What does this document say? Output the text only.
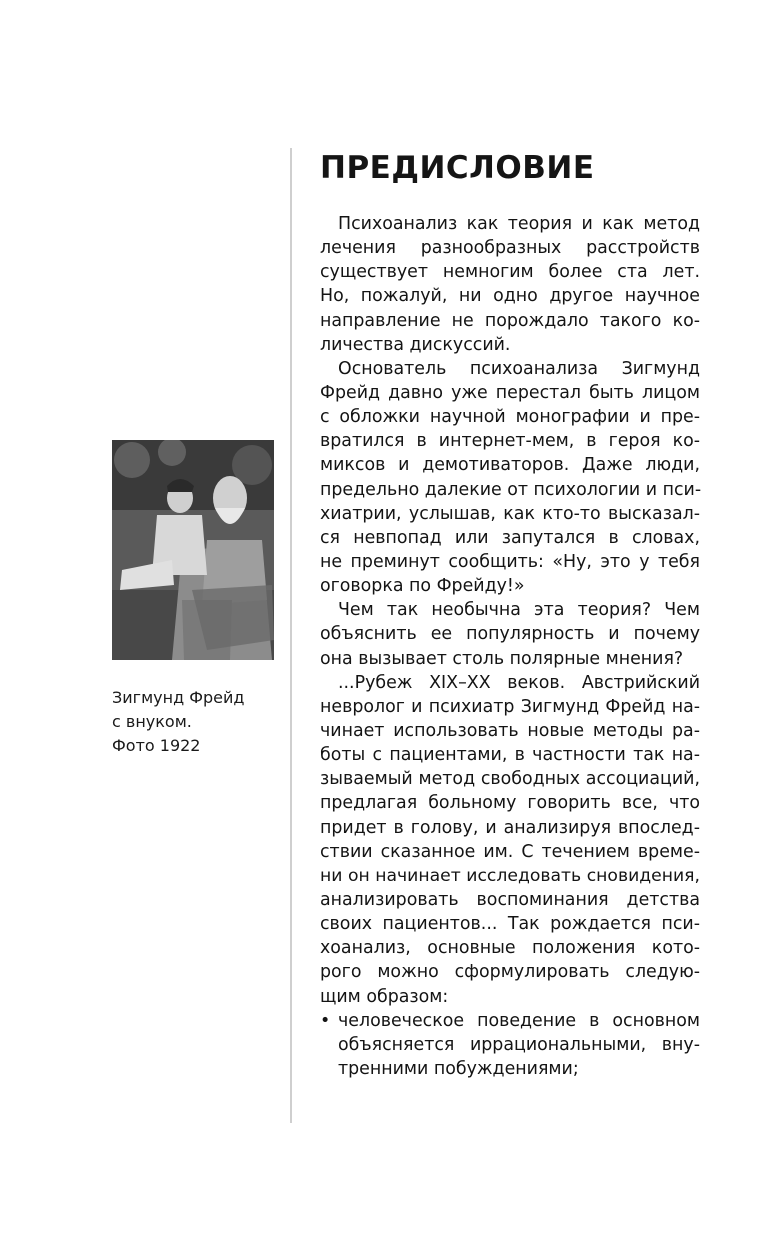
Зигмунд Фрейд
с внуком.
Фото 1922
ПРЕДИСЛОВИЕ
Психоанализ как теория и как метод
лечения разнообразных расстройств
существует немногим более ста лет.
Но, пожалуй, ни одно другое научное
направление не порождало такого ко-
личества дискуссий.
Основатель психоанализа Зигмунд
Фрейд давно уже перестал быть лицом
с обложки научной монографии и пре-
вратился в интернет-мем, в героя ко-
миксов и демотиваторов. Даже люди,
предельно далекие от психологии и пси-
хиатрии, услышав, как кто-то высказал-
ся невпопад или запутался в словах,
не преминут сообщить: «Ну, это у тебя
оговорка по Фрейду!»
Чем так необычна эта теория? Чем
объяснить ее популярность и почему
она вызывает столь полярные мнения?
...Рубеж XIX–XX веков. Австрийский
невролог и психиатр Зигмунд Фрейд на-
чинает использовать новые методы ра-
боты с пациентами, в частности так на-
зываемый метод свободных ассоциаций,
предлагая больному говорить все, что
придет в голову, и анализируя впослед-
ствии сказанное им. С течением време-
ни он начинает исследовать сновидения,
анализировать воспоминания детства
своих пациентов... Так рождается пси-
хоанализ, основные положения кото-
рого можно сформулировать следую-
щим образом:
• человеческое поведение в основном
объясняется иррациональными, вну-
тренними побуждениями;
